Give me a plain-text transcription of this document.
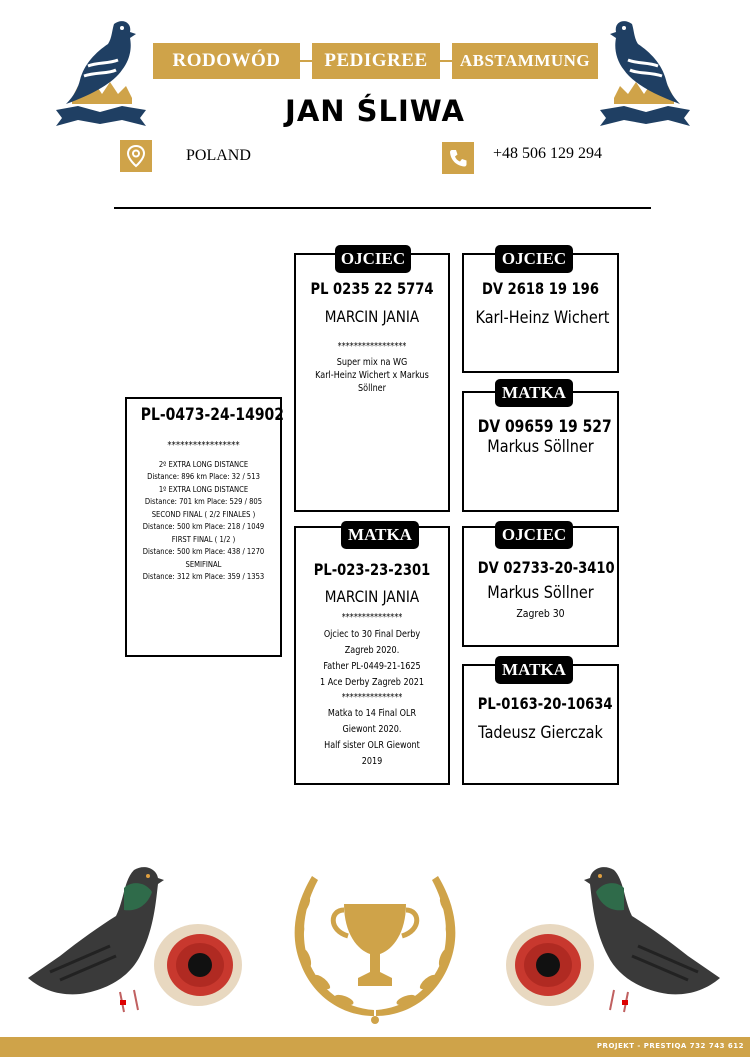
RODOWÓD	PEDIGREE	ABSTAMMUNG
JAN ŚLIWA
POLAND	+48 506 129 294
PL-0473-24-14902
*****************
2º EXTRA LONG DISTANCE
Distance: 896 km Place: 32 / 513
1º EXTRA LONG DISTANCE
Distance: 701 km Place: 529 / 805
SECOND FINAL ( 2/2 FINALES )
Distance: 500 km Place: 218 / 1049
FIRST FINAL ( 1/2 )
Distance: 500 km Place: 438 / 1270
SEMIFINAL
Distance: 312 km Place: 359 / 1353
PL 0235 22 5774
MARCIN JANIA
*****************
Super mix na WG
Karl-Heinz Wichert x Markus
Söllner
OJCIEC
PL-023-23-2301
MARCIN JANIA
***************
Ojciec to 30 Final Derby
Zagreb 2020.
Father PL-0449-21-1625
1 Ace Derby Zagreb 2021
***************
Matka to 14 Final OLR
Giewont 2020.
Half sister OLR Giewont
2019
MATKA
DV 2618 19 196
Karl-Heinz Wichert
OJCIEC
DV 09659 19 527
Markus Söllner
MATKA
DV 02733-20-3410
Markus Söllner
Zagreb 30
OJCIEC
PL-0163-20-10634
Tadeusz Gierczak
MATKA
PROJEKT - PRESTIQA 732 743 612
